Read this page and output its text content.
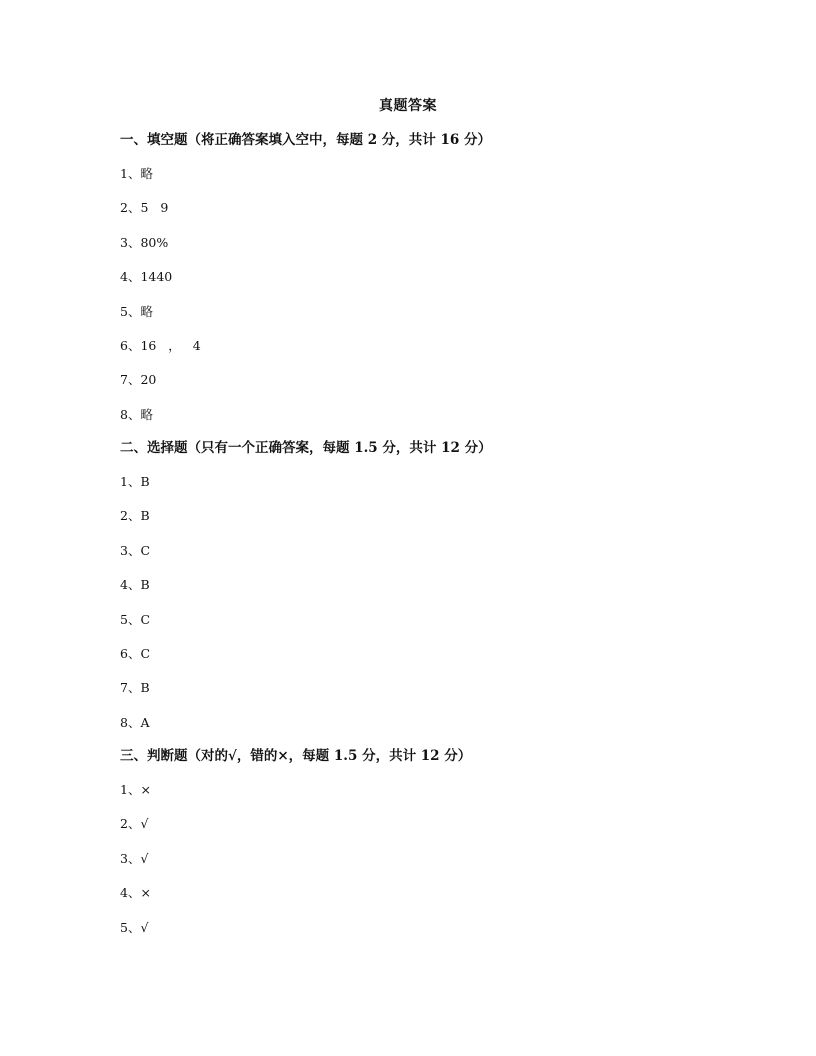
真题答案
一、填空题（将正确答案填入空中，每题 2 分，共计 16 分）
1、略
2、5   9
3、80%
4、1440
5、略
6、16   ，   4
7、20
8、略
二、选择题（只有一个正确答案，每题 1.5 分，共计 12 分）
1、B
2、B
3、C
4、B
5、C
6、C
7、B
8、A
三、判断题（对的√，错的×，每题 1.5 分，共计 12 分）
1、×
2、√
3、√
4、×
5、√
